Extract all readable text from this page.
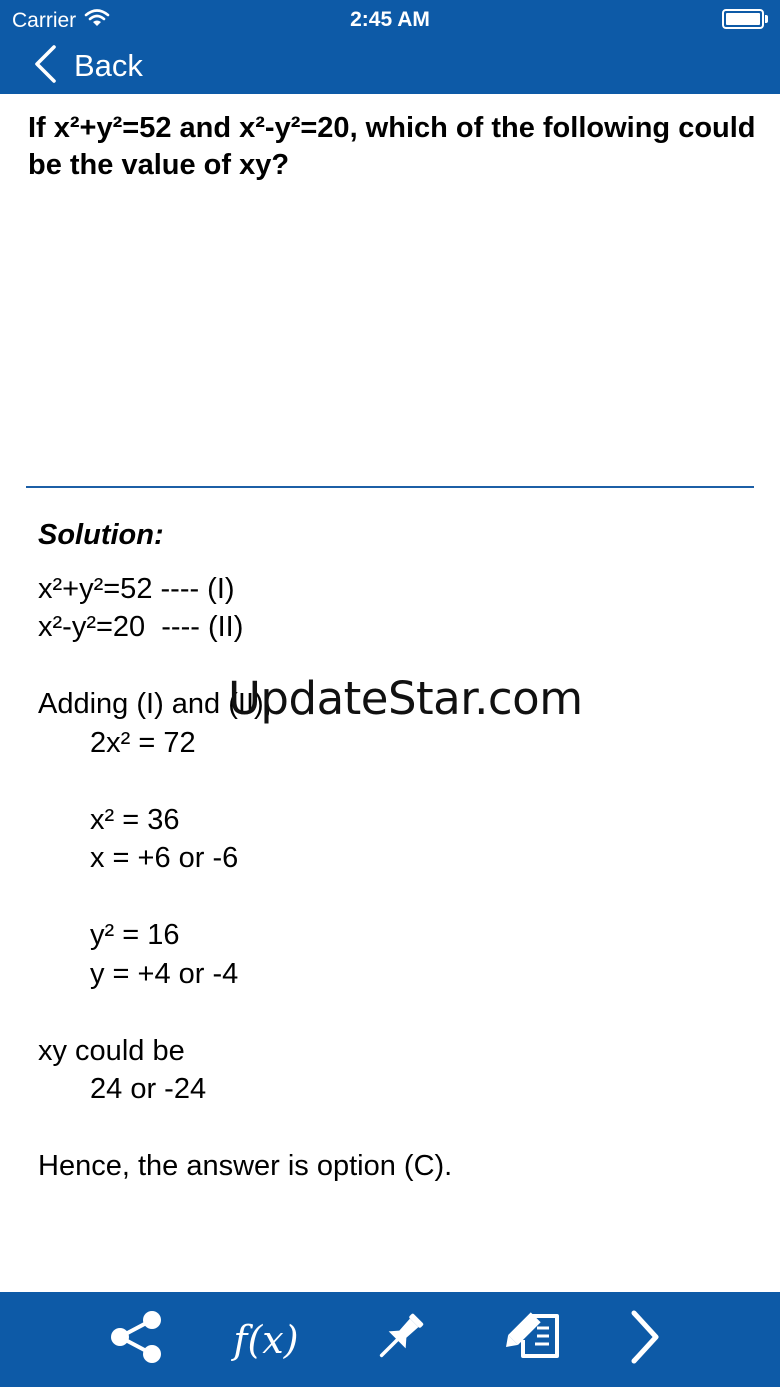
Carrier	2:45 AM
Back
If x²+y²=52 and x²-y²=20, which of the following could be the value of xy?
Solution:
x²+y²=52 ---- (I)
x²-y²=20  ---- (II)
Adding (I) and (II),
2x² = 72
x² = 36
x = +6 or -6
y² = 16
y = +4 or -4
xy could be
24 or -24
Hence, the answer is option (C).
UpdateStar.com
f(x)
